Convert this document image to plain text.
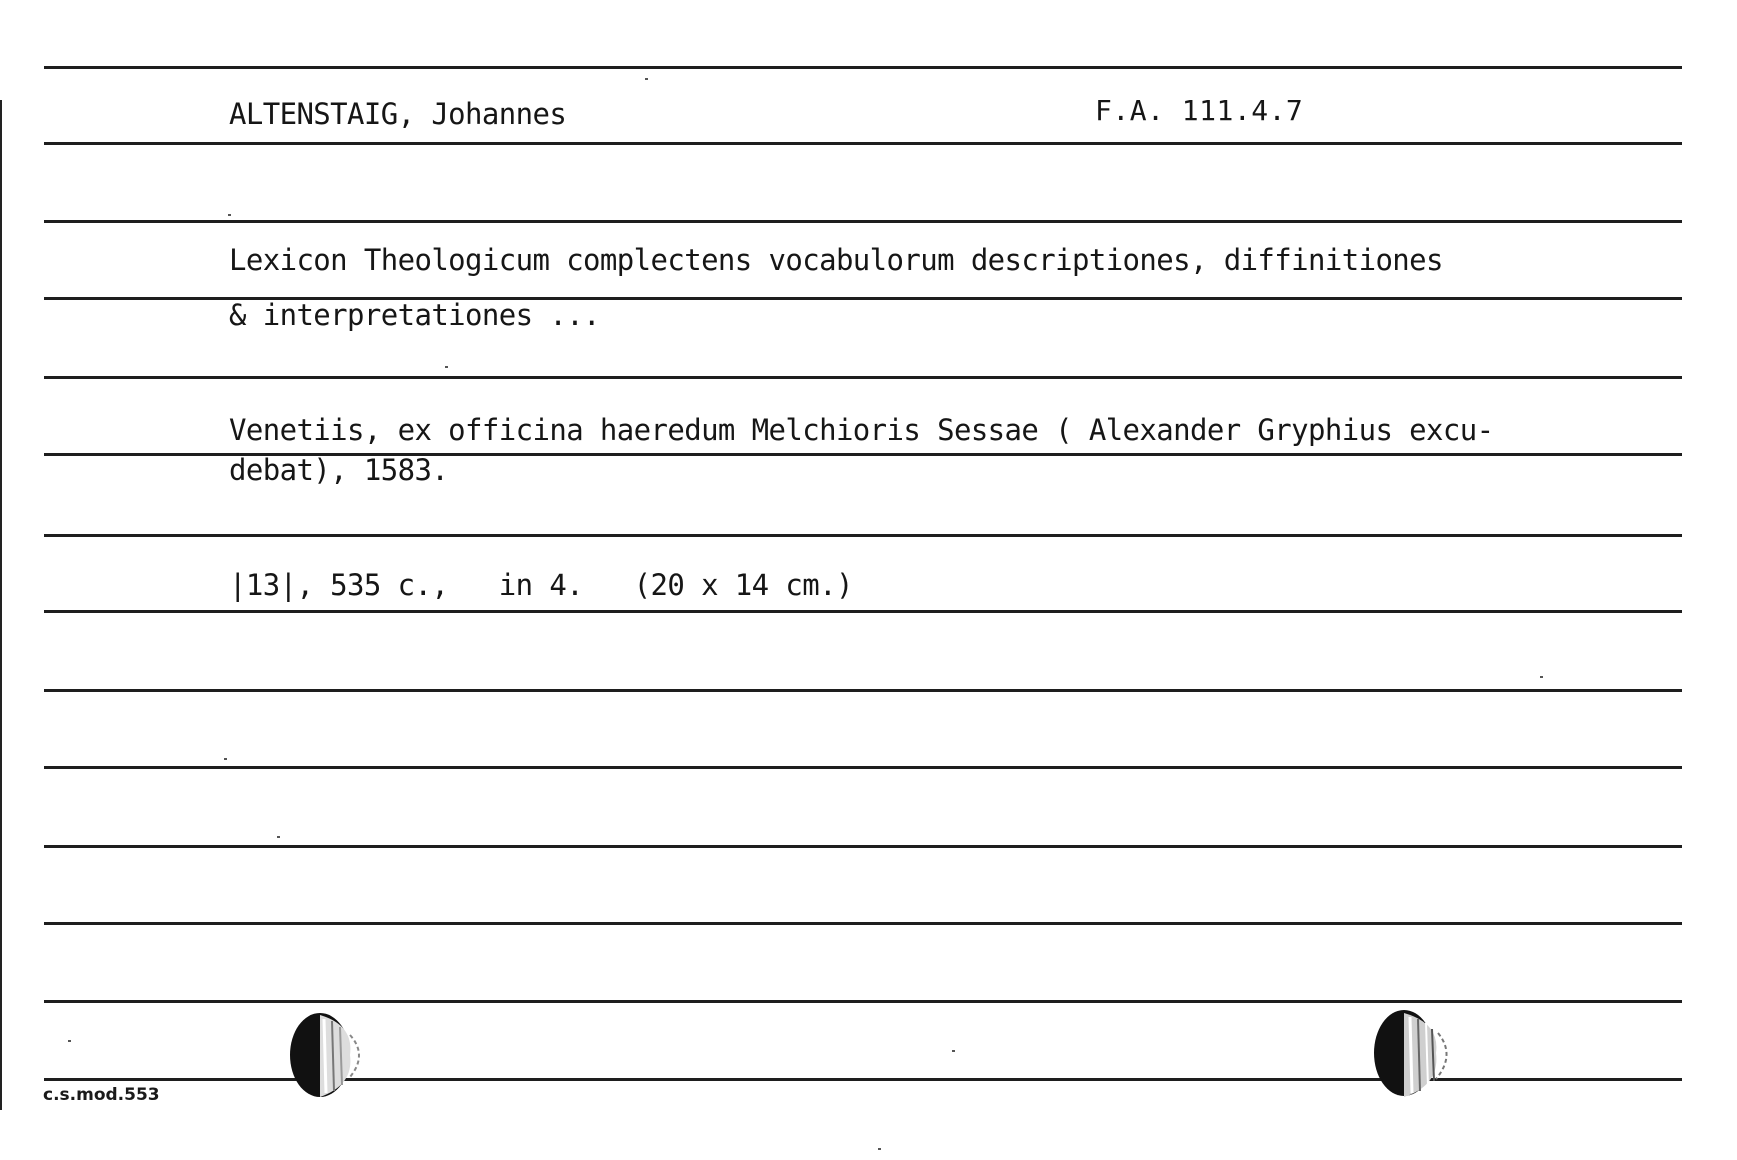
ALTENSTAIG, Johannes	F.A. 111.4.7
Lexicon Theologicum complectens vocabulorum descriptiones, diffinitiones
& interpretationes ...
Venetiis, ex officina haeredum Melchioris Sessae ( Alexander Gryphius excu-
debat), 1583.
|13|, 535 c.,   in 4.   (20 x 14 cm.)
c.s.mod.553
